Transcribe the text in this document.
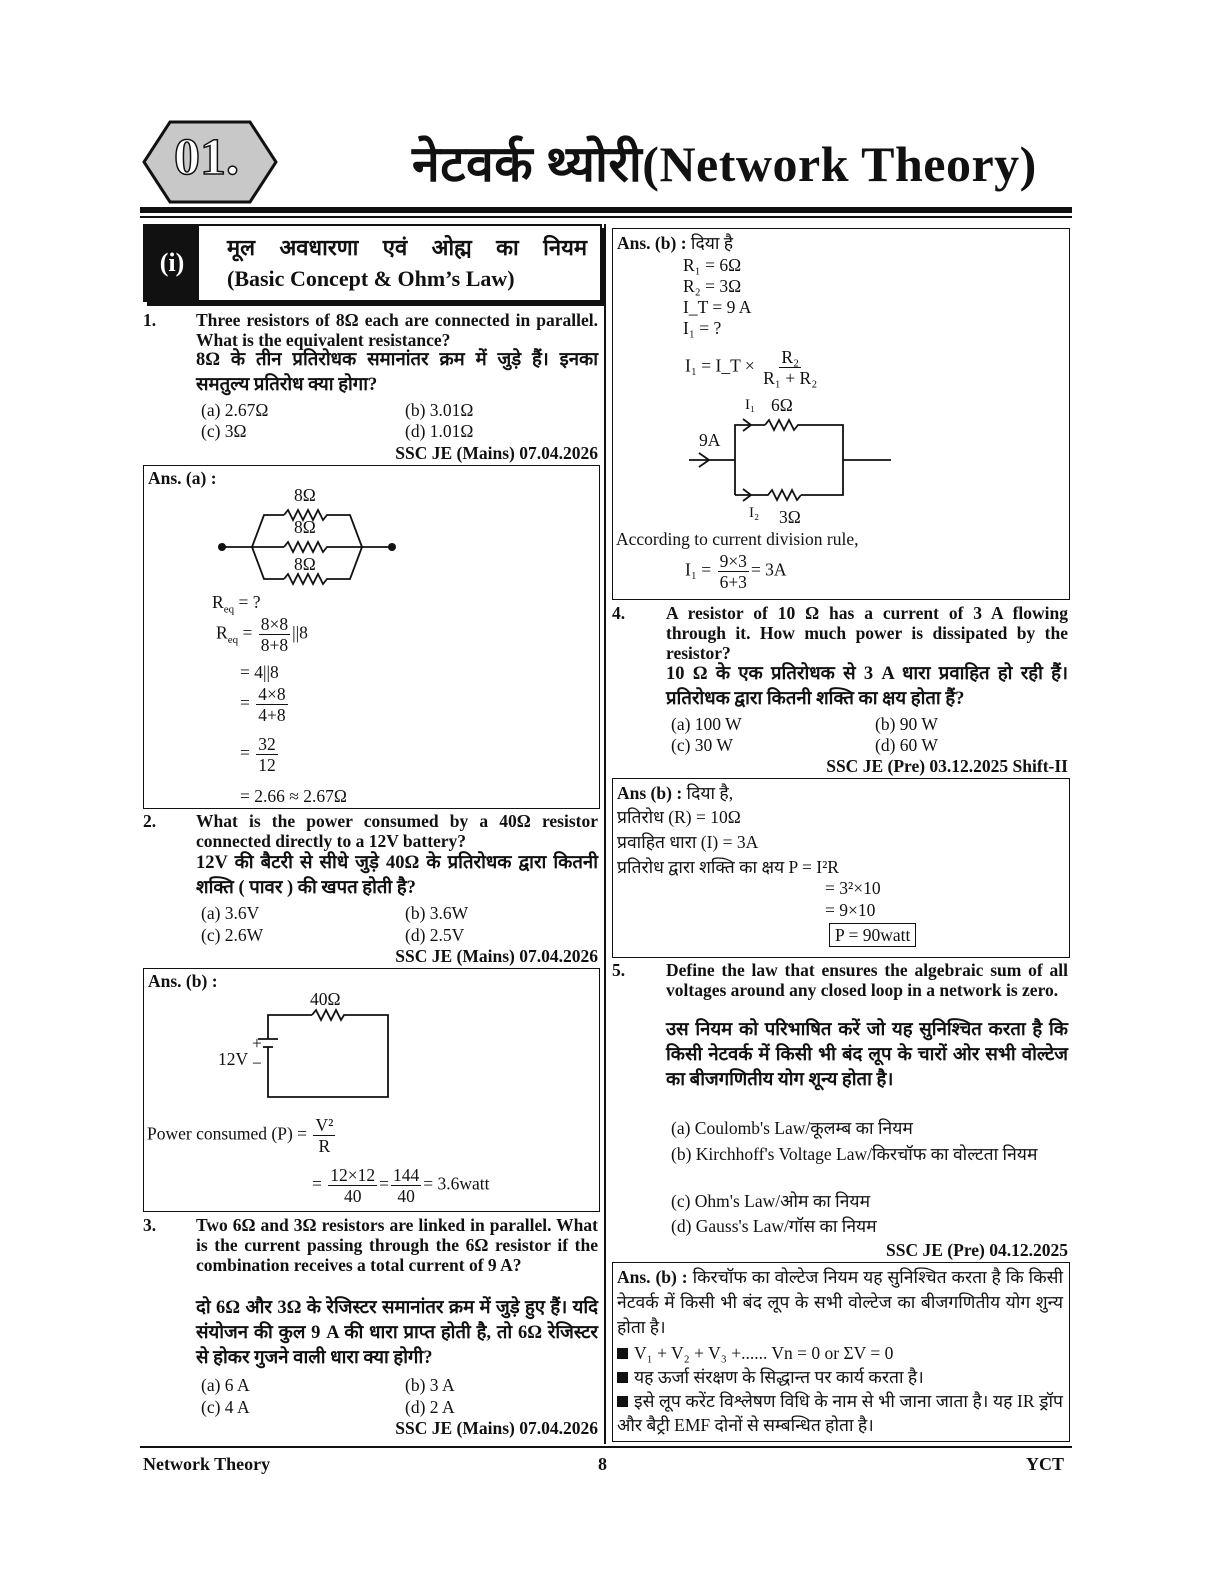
01.	नेटवर्क थ्योरी(Network Theory)
(i)
मूल अवधारणा एवं ओह्म का नियम
(Basic Concept & Ohm’s Law)
1. Three resistors of 8Ω each are connected in parallel. What is the equivalent resistance?
8Ω के तीन प्रतिरोधक समानांतर क्रम में जुड़े हैं। इनका समतुल्य प्रतिरोध क्या होगा?
(a) 2.67Ω	(b) 3.01Ω
(c) 3Ω	(d) 1.01Ω
SSC JE (Mains) 07.04.2026
Ans. (a) :
8Ω
8Ω
8Ω
$R_{eq}$ = ?
$R_{eq} = \frac{8\times 8}{8+8} ||8$
= 4||8
= $\frac{4\times 8}{4+8}$
= $\frac{32}{12}$
= 2.66 ≈ 2.67Ω
2. What is the power consumed by a 40Ω resistor connected directly to a 12V battery?
12V की बैटरी से सीधे जुड़े 40Ω के प्रतिरोधक द्वारा कितनी शक्ति ( पावर ) की खपत होती है?
(a) 3.6V	(b) 3.6W
(c) 2.6W	(d) 2.5V
SSC JE (Mains) 07.04.2026
Ans. (b) :
40Ω
+
12V −
Power consumed $(P) = \frac{\text{V²}}{R}$
= $\frac{12\times 12}{40} = \frac{144}{40}$ = 3.6watt
3. Two 6Ω and 3Ω resistors are linked in parallel. What is the current passing through the 6Ω resistor if the combination receives a total current of 9 A?
दो 6Ω और 3Ω के रेजिस्टर समानांतर क्रम में जुड़े हुए हैं। यदि संयोजन की कुल 9 A की धारा प्राप्त होती है, तो 6Ω रेजिस्टर से होकर गुजने वाली धारा क्या होगी?
(a) 6 A	(b) 3 A
(c) 4 A	(d) 2 A
SSC JE (Mains) 07.04.2026
Ans. (b) : दिया है
R₁ = 6Ω
R₂ = 3Ω
I_T = 9 A
I₁ = ?
I₁ = I_T × $\frac{\text{R₂}}{\text{R₁ + R₂}}$
I₁ 6Ω
9A
I₂ 3Ω
According to current division rule,
$I_1 = \frac{9\times 3}{6+3} = 3A$
4. A resistor of 10 Ω has a current of 3 A flowing through it. How much power is dissipated by the resistor?
10 Ω के एक प्रतिरोधक से 3 A धारा प्रवाहित हो रही हैं। प्रतिरोधक द्वारा कितनी शक्ति का क्षय होता हैं?
(a) 100 W	(b) 90 W
(c) 30 W	(d) 60 W
SSC JE (Pre) 03.12.2025 Shift-II
Ans (b) : दिया है,
प्रतिरोध (R) = 10Ω
प्रवाहित धारा (I) = 3A
प्रतिरोध द्वारा शक्ति का क्षय P = I²R
= 3²×10
= 9×10
P = 90watt
5. Define the law that ensures the algebraic sum of all voltages around any closed loop in a network is zero.
उस नियम को परिभाषित करें जो यह सुनिश्चित करता है कि किसी नेटवर्क में किसी भी बंद लूप के चारों ओर सभी वोल्टेज का बीजगणितीय योग शून्य होता है।
(a) Coulomb's Law/कूलम्ब का नियम
(b) Kirchhoff's Voltage Law/किरचॉफ का वोल्टता नियम
(c) Ohm's Law/ओम का नियम
(d) Gauss's Law/गॉस का नियम
SSC JE (Pre) 04.12.2025
Ans. (b) : किरचॉफ का वोल्टेज नियम यह सुनिश्चित करता है कि किसी नेटवर्क में किसी भी बंद लूप के सभी वोल्टेज का बीजगणितीय योग शुन्य होता है।
V₁ + V₂ + V₃ +...... Vn = 0 or ΣV = 0
यह ऊर्जा संरक्षण के सिद्धान्त पर कार्य करता है।
इसे लूप करेंट विश्लेषण विधि के नाम से भी जाना जाता है। यह IR ड्रॉप और बैट्री EMF दोनों से सम्बन्धित होता है।
Network Theory	8	YCT
